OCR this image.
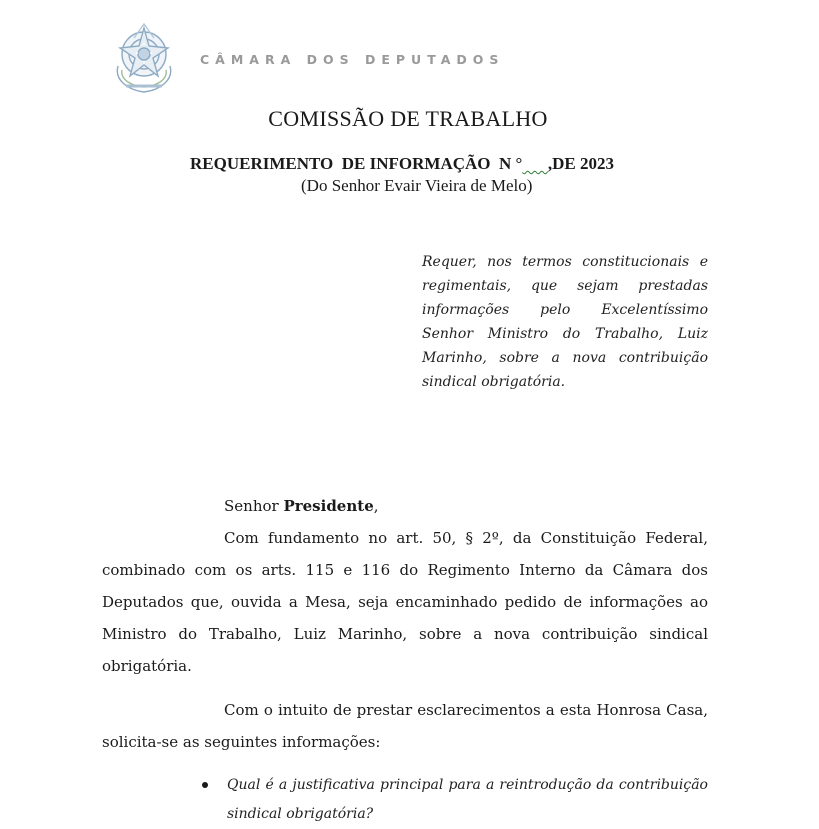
CÂMARA DOS DEPUTADOS
COMISSÃO DE TRABALHO
REQUERIMENTO  DE INFORMAÇÃO  N ° ,DE 2023
(Do Senhor Evair Vieira de Melo)
Requer, nos termos constitucionais e regimentais, que sejam prestadas informações pelo Excelentíssimo Senhor Ministro do Trabalho, Luiz Marinho, sobre a nova contribuição sindical obrigatória.
Senhor Presidente,
Com fundamento no art. 50, § 2º, da Constituição Federal, combinado com os arts. 115 e 116 do Regimento Interno da Câmara dos Deputados que, ouvida a Mesa, seja encaminhado pedido de informações ao Ministro do Trabalho, Luiz Marinho, sobre a nova contribuição sindical obrigatória.
Com o intuito de prestar esclarecimentos a esta Honrosa Casa, solicita-se as seguintes informações:
Qual é a justificativa principal para a reintrodução da contribuição sindical obrigatória?
